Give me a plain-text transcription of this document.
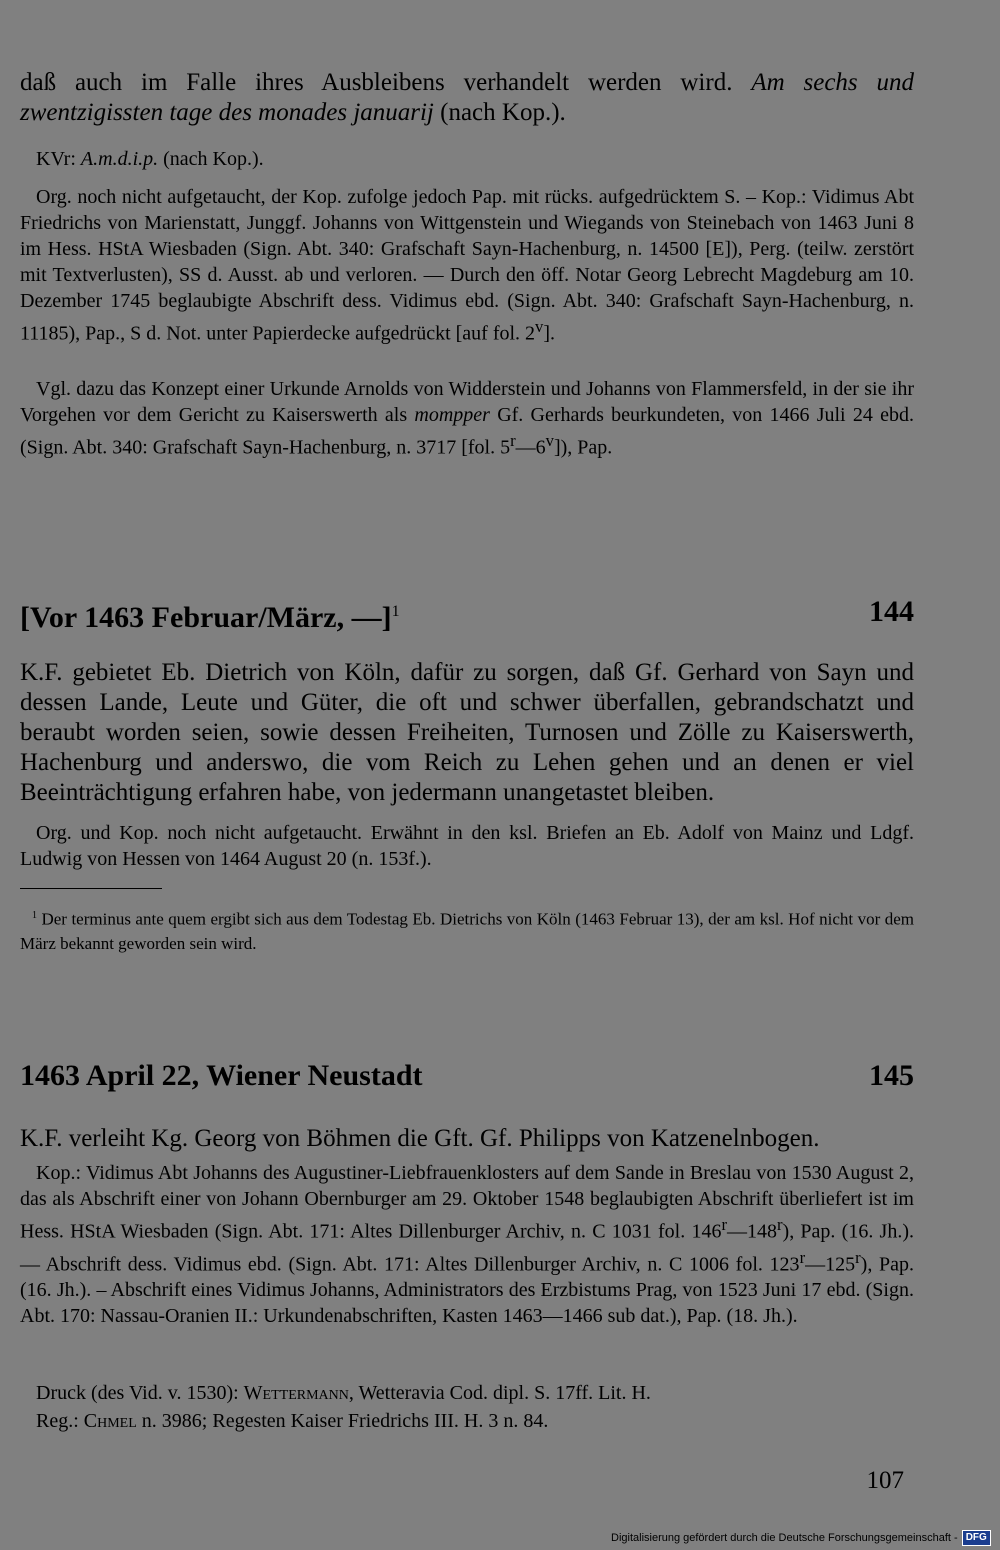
daß auch im Falle ihres Ausbleibens verhandelt werden wird. Am sechs und zwentzigissten tage des monades januarij (nach Kop.).

KVr: A.m.d.i.p. (nach Kop.).

Org. noch nicht aufgetaucht, der Kop. zufolge jedoch Pap. mit rücks. aufgedrücktem S. – Kop.: Vidimus Abt Friedrichs von Marienstatt, Junggf. Johanns von Wittgenstein und Wiegands von Steinebach von 1463 Juni 8 im Hess. HStA Wiesbaden (Sign. Abt. 340: Grafschaft Sayn-Hachenburg, n. 14500 [E]), Perg. (teilw. zerstört mit Textverlusten), SS d. Ausst. ab und verloren. — Durch den öff. Notar Georg Lebrecht Magdeburg am 10. Dezember 1745 beglaubigte Abschrift dess. Vidimus ebd. (Sign. Abt. 340: Grafschaft Sayn-Hachenburg, n. 11185), Pap., S d. Not. unter Papierdecke aufgedrückt [auf fol. 2$^v$].

Vgl. dazu das Konzept einer Urkunde Arnolds von Widderstein und Johanns von Flammersfeld, in der sie ihr Vorgehen vor dem Gericht zu Kaiserswerth als mompper Gf. Gerhards beurkundeten, von 1466 Juli 24 ebd. (Sign. Abt. 340: Grafschaft Sayn-Hachenburg, n. 3717 [fol. 5$^r$—6$^v$]), Pap.

[Vor 1463 Februar/März, —]$^1$	144

K.F. gebietet Eb. Dietrich von Köln, dafür zu sorgen, daß Gf. Gerhard von Sayn und dessen Lande, Leute und Güter, die oft und schwer überfallen, gebrandschatzt und beraubt worden seien, sowie dessen Freiheiten, Turnosen und Zölle zu Kaiserswerth, Hachenburg und anderswo, die vom Reich zu Lehen gehen und an denen er viel Beeinträchtigung erfahren habe, von jedermann unangetastet bleiben.

Org. und Kop. noch nicht aufgetaucht. Erwähnt in den ksl. Briefen an Eb. Adolf von Mainz und Ldgf. Ludwig von Hessen von 1464 August 20 (n. 153f.).

$^1$ Der terminus ante quem ergibt sich aus dem Todestag Eb. Dietrichs von Köln (1463 Februar 13), der am ksl. Hof nicht vor dem März bekannt geworden sein wird.

1463 April 22, Wiener Neustadt	145

K.F. verleiht Kg. Georg von Böhmen die Gft. Gf. Philipps von Katzenelnbogen.

Kop.: Vidimus Abt Johanns des Augustiner-Liebfrauenklosters auf dem Sande in Breslau von 1530 August 2, das als Abschrift einer von Johann Obernburger am 29. Oktober 1548 beglaubigten Abschrift überliefert ist im Hess. HStA Wiesbaden (Sign. Abt. 171: Altes Dillenburger Archiv, n. C 1031 fol. 146$^r$—148$^r$), Pap. (16. Jh.). — Abschrift dess. Vidimus ebd. (Sign. Abt. 171: Altes Dillenburger Archiv, n. C 1006 fol. 123$^r$—125$^r$), Pap. (16. Jh.). – Abschrift eines Vidimus Johanns, Administrators des Erzbistums Prag, von 1523 Juni 17 ebd. (Sign. Abt. 170: Nassau-Oranien II.: Urkundenabschriften, Kasten 1463—1466 sub dat.), Pap. (18. Jh.).

Druck (des Vid. v. 1530): Wettermann, Wetteravia Cod. dipl. S. 17ff. Lit. H.

Reg.: Chmel n. 3986; Regesten Kaiser Friedrichs III. H. 3 n. 84.

107
Digitalisierung gefördert durch die Deutsche Forschungsgemeinschaft - DFG
